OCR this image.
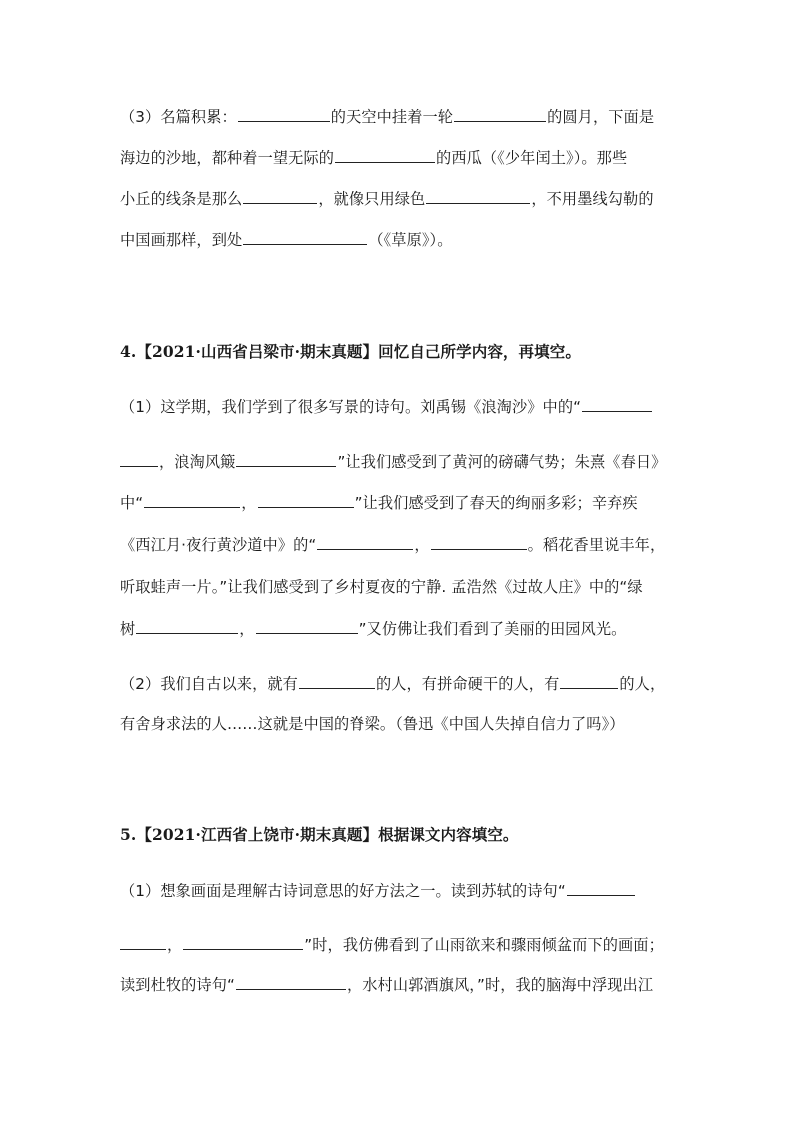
（3）名篇积累：	的天空中挂着一轮	的圆月，下面是
海边的沙地，都种着一望无际的	的西瓜（《少年闰土》）。那些
小丘的线条是那么	，就像只用绿色	，不用墨线勾勒的
中国画那样，到处	（《草原》）。
4.【2021·山西省吕梁市·期末真题】回忆自己所学内容，再填空。
（1）这学期，我们学到了很多写景的诗句。刘禹锡《浪淘沙》中的“
，浪淘风簸	”让我们感受到了黄河的磅礴气势；朱熹《春日》
中“	，	”让我们感受到了春天的绚丽多彩；辛弃疾
《西江月·夜行黄沙道中》的“	，	。稻花香里说丰年，
听取蛙声一片。”让我们感受到了乡村夏夜的宁静. 孟浩然《过故人庄》中的“绿
树	，	”又仿佛让我们看到了美丽的田园风光。
（2）我们自古以来，就有	的人，有拼命硬干的人，有	的人，
有舍身求法的人……这就是中国的脊梁。（鲁迅《中国人失掉自信力了吗》）
5.【2021·江西省上饶市·期末真题】根据课文内容填空。
（1）想象画面是理解古诗词意思的好方法之一。读到苏轼的诗句“
，	”时，我仿佛看到了山雨欲来和骤雨倾盆而下的画面；
读到杜牧的诗句“	，水村山郭酒旗风，”时，我的脑海中浮现出江
